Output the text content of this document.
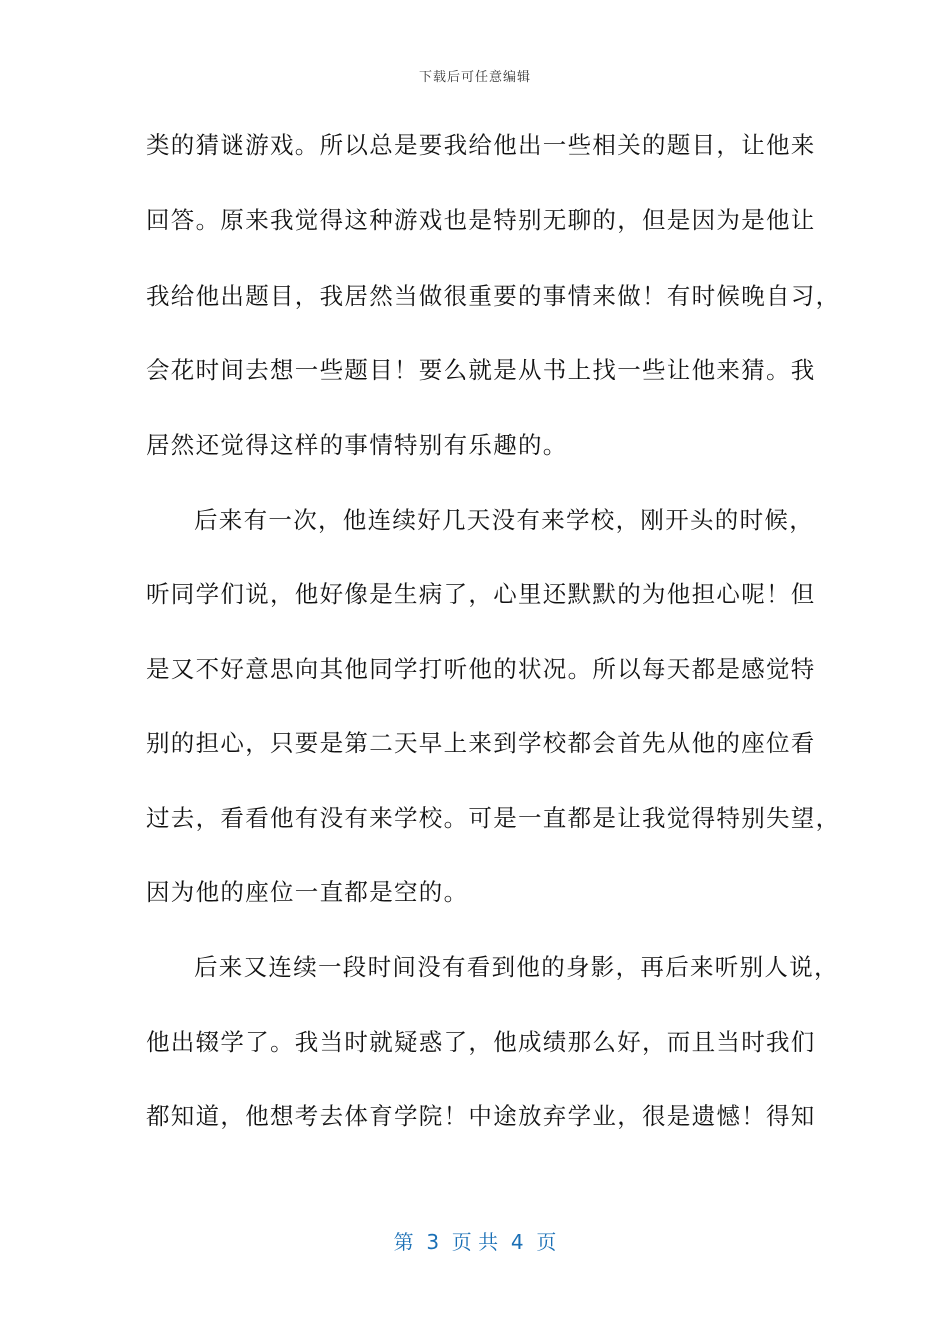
下载后可任意编辑
类的猜谜游戏。所以总是要我给他出一些相关的题目，让他来
回答。原来我觉得这种游戏也是特别无聊的，但是因为是他让
我给他出题目，我居然当做很重要的事情来做！有时候晚自习，
会花时间去想一些题目！要么就是从书上找一些让他来猜。我
居然还觉得这样的事情特别有乐趣的。
后来有一次，他连续好几天没有来学校，刚开头的时候，
听同学们说，他好像是生病了，心里还默默的为他担心呢！但
是又不好意思向其他同学打听他的状况。所以每天都是感觉特
别的担心，只要是第二天早上来到学校都会首先从他的座位看
过去，看看他有没有来学校。可是一直都是让我觉得特别失望，
因为他的座位一直都是空的。
后来又连续一段时间没有看到他的身影，再后来听别人说，
他出辍学了。我当时就疑惑了，他成绩那么好，而且当时我们
都知道，他想考去体育学院！中途放弃学业，很是遗憾！得知
第  3  页 共  4  页
